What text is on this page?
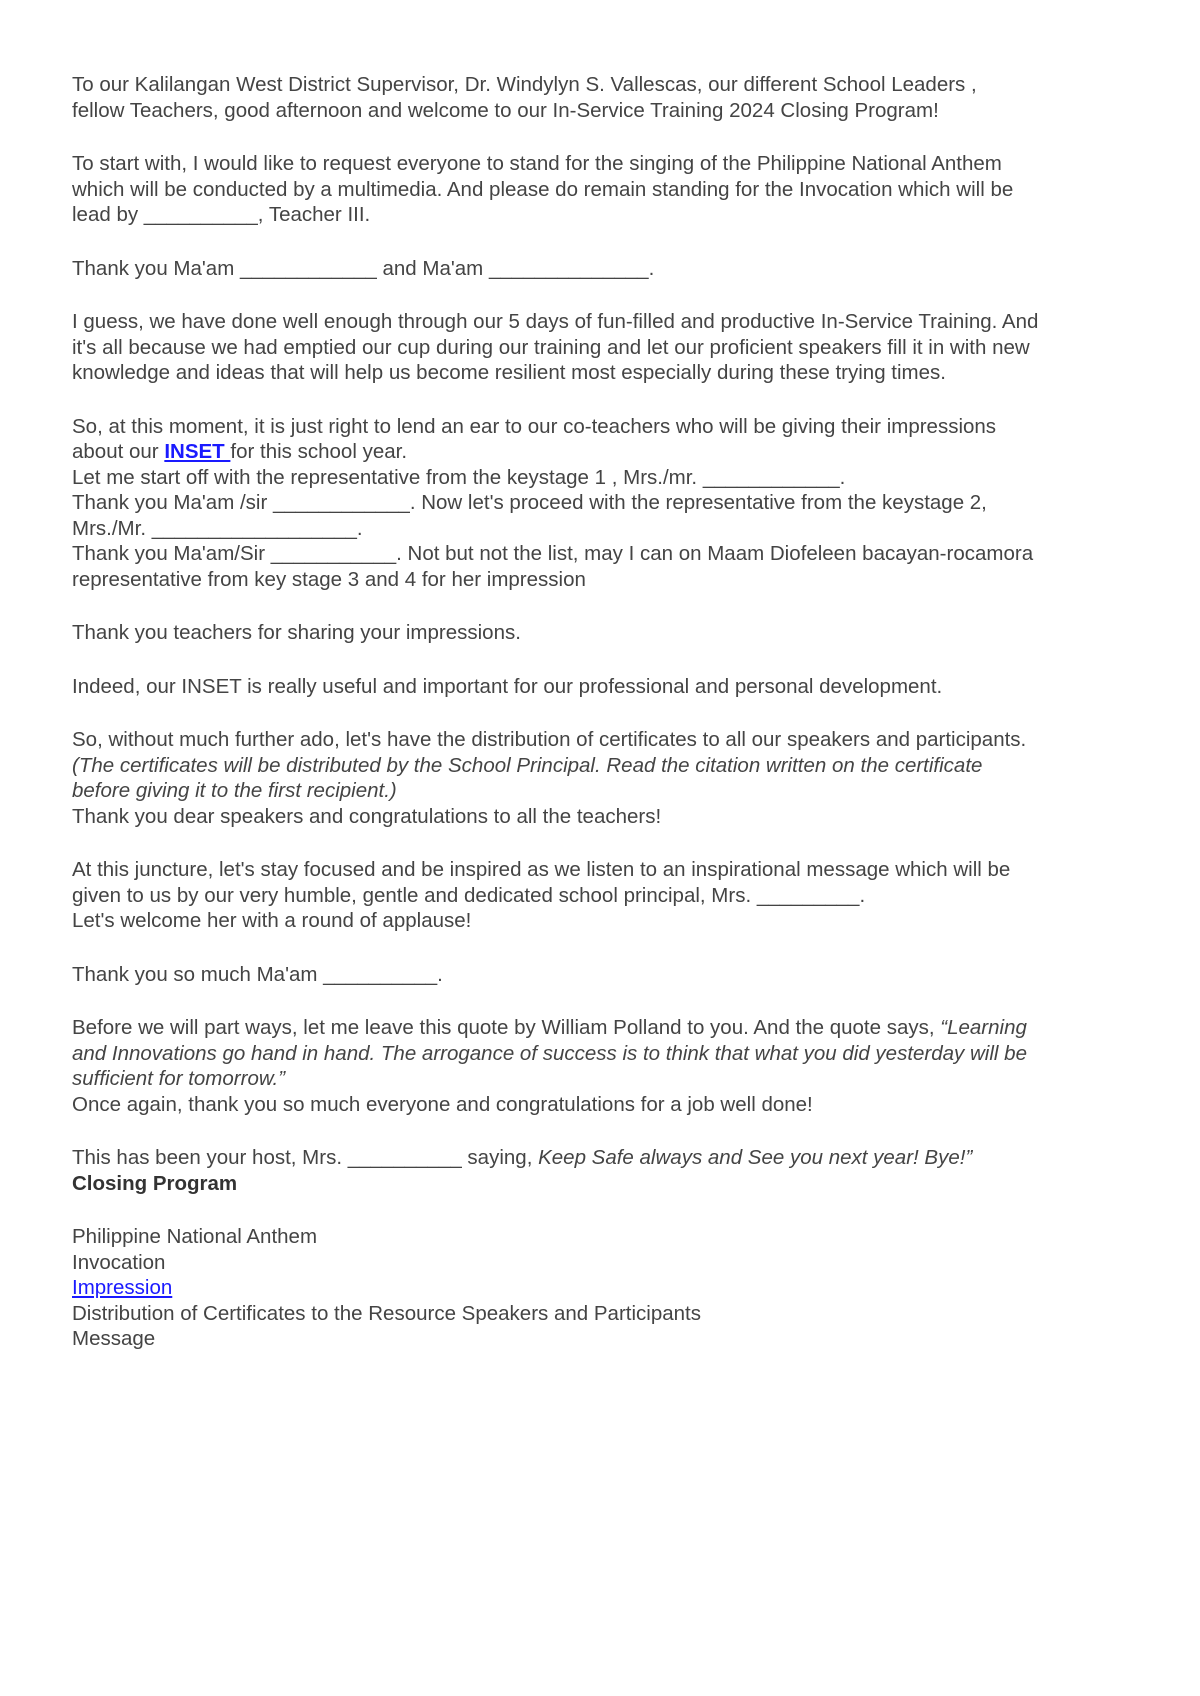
To our Kalilangan West District Supervisor, Dr. Windylyn S. Vallescas, our different School Leaders ,
fellow Teachers, good afternoon and welcome to our In-Service Training 2024 Closing Program!
To start with, I would like to request everyone to stand for the singing of the Philippine National Anthem
which will be conducted by a multimedia. And please do remain standing for the Invocation which will be
lead by __________, Teacher III.
Thank you Ma'am ____________ and Ma'am ______________.
I guess, we have done well enough through our 5 days of fun-filled and productive In-Service Training. And
it's all because we had emptied our cup during our training and let our proficient speakers fill it in with new
knowledge and ideas that will help us become resilient most especially during these trying times.
So, at this moment, it is just right to lend an ear to our co-teachers who will be giving their impressions
about our INSET for this school year.
Let me start off with the representative from the keystage 1 , Mrs./mr. ____________.
Thank you Ma'am /sir ____________. Now let's proceed with the representative from the keystage 2,
Mrs./Mr. __________________.
Thank you Ma'am/Sir ___________. Not but not the list, may I can on Maam Diofeleen bacayan-rocamora
representative from key stage 3 and 4 for her impression
Thank you teachers for sharing your impressions.
Indeed, our INSET is really useful and important for our professional and personal development.
So, without much further ado, let's have the distribution of certificates to all our speakers and participants.
(The certificates will be distributed by the School Principal. Read the citation written on the certificate
before giving it to the first recipient.)
Thank you dear speakers and congratulations to all the teachers!
At this juncture, let's stay focused and be inspired as we listen to an inspirational message which will be
given to us by our very humble, gentle and dedicated school principal, Mrs. _________.
Let's welcome her with a round of applause!
Thank you so much Ma'am __________.
Before we will part ways, let me leave this quote by William Polland to you. And the quote says, “Learning
and Innovations go hand in hand. The arrogance of success is to think that what you did yesterday will be
sufficient for tomorrow.”
Once again, thank you so much everyone and congratulations for a job well done!
This has been your host, Mrs. __________ saying, Keep Safe always and See you next year! Bye!”
Closing Program
Philippine National Anthem
Invocation
Impression
Distribution of Certificates to the Resource Speakers and Participants
Message
